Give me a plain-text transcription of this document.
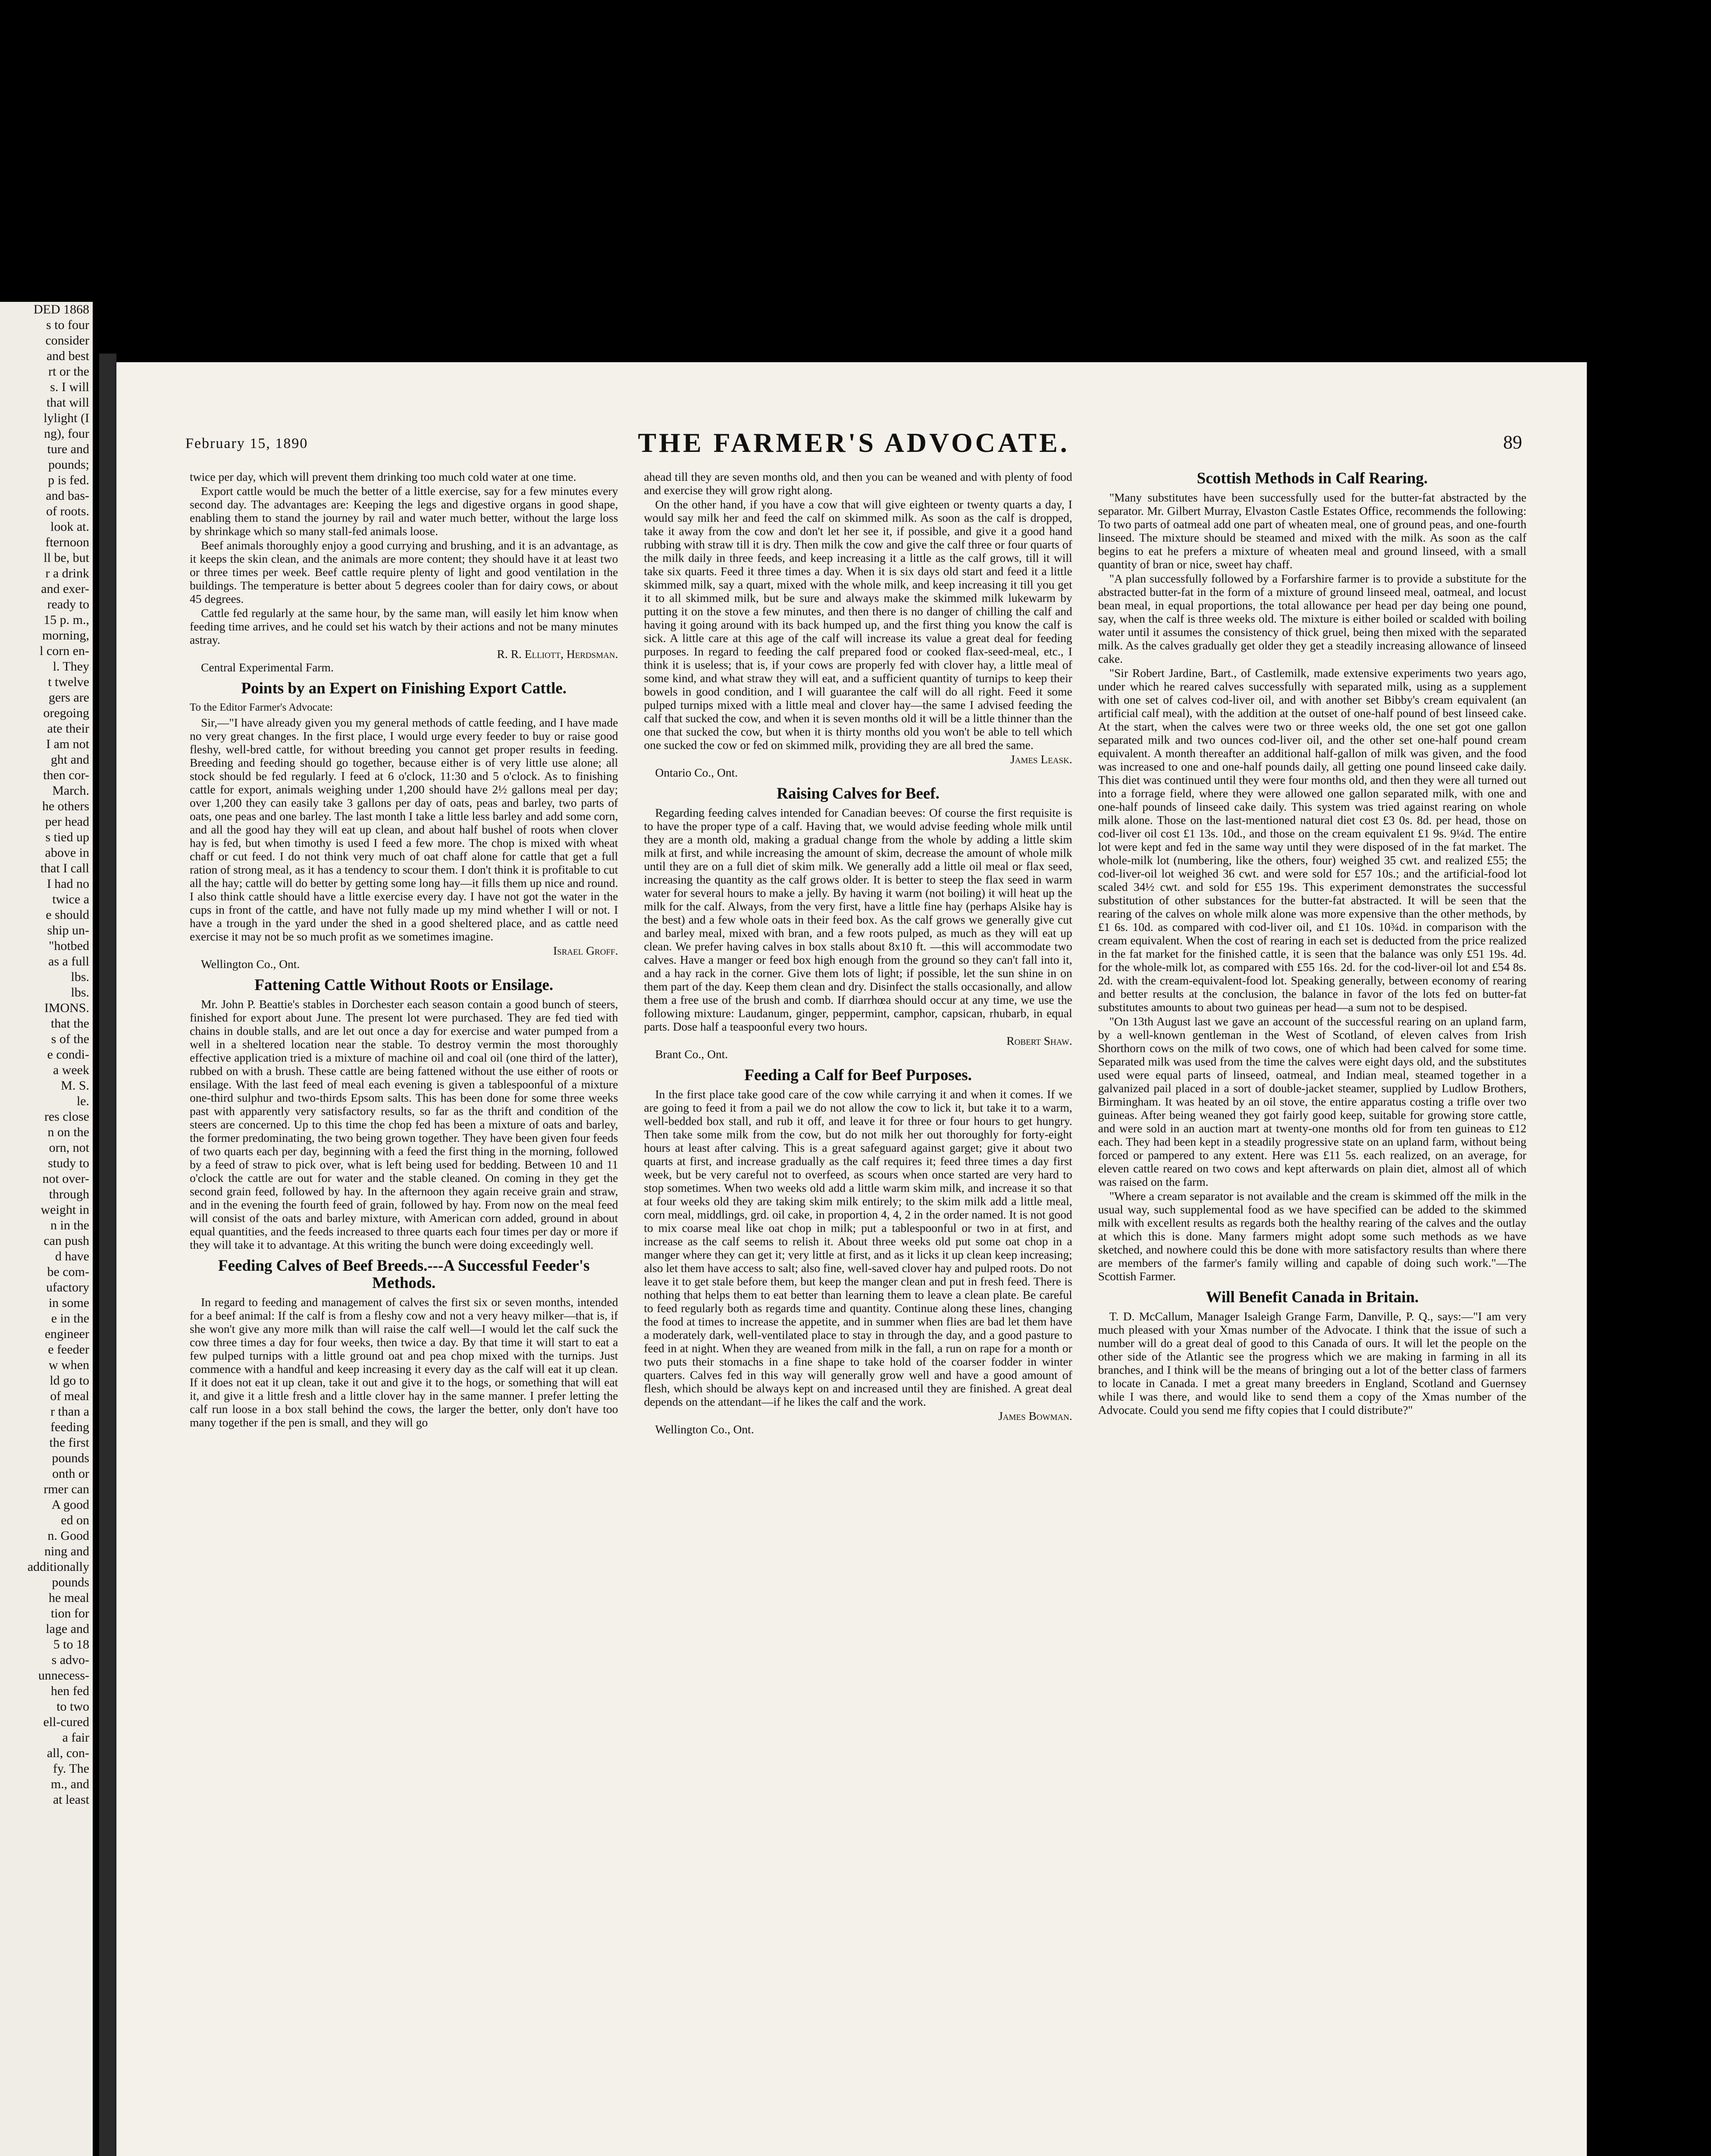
DED 1868
s to four
consider
and best
rt or the
s. I will
that will
lylight (I
ng), four
ture and
pounds;
p is fed.
and bas-
of roots.
look at.
fternoon
ll be, but
r a drink
and exer-
ready to
15 p. m.,
morning,
l corn en-
l. They
t twelve
gers are
oregoing
ate their
I am not
ght and
then cor-
March.
he others
per head
s tied up
above in
that I call
I had no
twice a
e should
ship un-
"hotbed
as a full
lbs.
lbs.
IMONS.
that the
s of the
e condi-
a week
M. S.
le.
res close
n on the
orn, not
study to
not over-
through
weight in
n in the
can push
d have
be com-
ufactory
in some
e in the
engineer
e feeder
w when
ld go to
of meal
r than a
feeding
the first
pounds
onth or
rmer can
A good
ed on
n. Good
ning and
additionally
pounds
he meal
tion for
lage and
5 to 18
s advo-
unnecess-
hen fed
to two
ell-cured
a fair
all, con-
fy. The
m., and
at least
February 15, 1890	THE FARMER'S ADVOCATE.	89

twice per day, which will prevent them drinking too much cold water at one time.

Export cattle would be much the better of a little exercise, say for a few minutes every second day. The advantages are: Keeping the legs and digestive organs in good shape, enabling them to stand the journey by rail and water much better, without the large loss by shrinkage which so many stall-fed animals loose.

Beef animals thoroughly enjoy a good currying and brushing, and it is an advantage, as it keeps the skin clean, and the animals are more content; they should have it at least two or three times per week. Beef cattle require plenty of light and good ventilation in the buildings. The temperature is better about 5 degrees cooler than for dairy cows, or about 45 degrees.

Cattle fed regularly at the same hour, by the same man, will easily let him know when feeding time arrives, and he could set his watch by their actions and not be many minutes astray.

R. R. Elliott, Herdsman.

Central Experimental Farm.

Points by an Expert on Finishing Export Cattle.

To the Editor Farmer's Advocate:

Sir,—"I have already given you my general methods of cattle feeding, and I have made no very great changes. In the first place, I would urge every feeder to buy or raise good fleshy, well-bred cattle, for without breeding you cannot get proper results in feeding. Breeding and feeding should go together, because either is of very little use alone; all stock should be fed regularly. I feed at 6 o'clock, 11:30 and 5 o'clock. As to finishing cattle for export, animals weighing under 1,200 should have 2½ gallons meal per day; over 1,200 they can easily take 3 gallons per day of oats, peas and barley, two parts of oats, one peas and one barley. The last month I take a little less barley and add some corn, and all the good hay they will eat up clean, and about half bushel of roots when clover hay is fed, but when timothy is used I feed a few more. The chop is mixed with wheat chaff or cut feed. I do not think very much of oat chaff alone for cattle that get a full ration of strong meal, as it has a tendency to scour them. I don't think it is profitable to cut all the hay; cattle will do better by getting some long hay—it fills them up nice and round. I also think cattle should have a little exercise every day. I have not got the water in the cups in front of the cattle, and have not fully made up my mind whether I will or not. I have a trough in the yard under the shed in a good sheltered place, and as cattle need exercise it may not be so much profit as we sometimes imagine.

Israel Groff.

Wellington Co., Ont.

Fattening Cattle Without Roots or Ensilage.

Mr. John P. Beattie's stables in Dorchester each season contain a good bunch of steers, finished for export about June. The present lot were purchased. They are fed tied with chains in double stalls, and are let out once a day for exercise and water pumped from a well in a sheltered location near the stable. To destroy vermin the most thoroughly effective application tried is a mixture of machine oil and coal oil (one third of the latter), rubbed on with a brush. These cattle are being fattened without the use either of roots or ensilage. With the last feed of meal each evening is given a tablespoonful of a mixture one-third sulphur and two-thirds Epsom salts. This has been done for some three weeks past with apparently very satisfactory results, so far as the thrift and condition of the steers are concerned. Up to this time the chop fed has been a mixture of oats and barley, the former predominating, the two being grown together. They have been given four feeds of two quarts each per day, beginning with a feed the first thing in the morning, followed by a feed of straw to pick over, what is left being used for bedding. Between 10 and 11 o'clock the cattle are out for water and the stable cleaned. On coming in they get the second grain feed, followed by hay. In the afternoon they again receive grain and straw, and in the evening the fourth feed of grain, followed by hay. From now on the meal feed will consist of the oats and barley mixture, with American corn added, ground in about equal quantities, and the feeds increased to three quarts each four times per day or more if they will take it to advantage. At this writing the bunch were doing exceedingly well.

Feeding Calves of Beef Breeds.---A Successful Feeder's Methods.

In regard to feeding and management of calves the first six or seven months, intended for a beef animal: If the calf is from a fleshy cow and not a very heavy milker—that is, if she won't give any more milk than will raise the calf well—I would let the calf suck the cow three times a day for four weeks, then twice a day. By that time it will start to eat a few pulped turnips with a little ground oat and pea chop mixed with the turnips. Just commence with a handful and keep increasing it every day as the calf will eat it up clean. If it does not eat it up clean, take it out and give it to the hogs, or something that will eat it, and give it a little fresh and a little clover hay in the same manner. I prefer letting the calf run loose in a box stall behind the cows, the larger the better, only don't have too many together if the pen is small, and they will go

ahead till they are seven months old, and then you can be weaned and with plenty of food and exercise they will grow right along.

On the other hand, if you have a cow that will give eighteen or twenty quarts a day, I would say milk her and feed the calf on skimmed milk. As soon as the calf is dropped, take it away from the cow and don't let her see it, if possible, and give it a good hand rubbing with straw till it is dry. Then milk the cow and give the calf three or four quarts of the milk daily in three feeds, and keep increasing it a little as the calf grows, till it will take six quarts. Feed it three times a day. When it is six days old start and feed it a little skimmed milk, say a quart, mixed with the whole milk, and keep increasing it till you get it to all skimmed milk, but be sure and always make the skimmed milk lukewarm by putting it on the stove a few minutes, and then there is no danger of chilling the calf and having it going around with its back humped up, and the first thing you know the calf is sick. A little care at this age of the calf will increase its value a great deal for feeding purposes. In regard to feeding the calf prepared food or cooked flax-seed-meal, etc., I think it is useless; that is, if your cows are properly fed with clover hay, a little meal of some kind, and what straw they will eat, and a sufficient quantity of turnips to keep their bowels in good condition, and I will guarantee the calf will do all right. Feed it some pulped turnips mixed with a little meal and clover hay—the same I advised feeding the calf that sucked the cow, and when it is seven months old it will be a little thinner than the one that sucked the cow, but when it is thirty months old you won't be able to tell which one sucked the cow or fed on skimmed milk, providing they are all bred the same.

James Leask.

Ontario Co., Ont.

Raising Calves for Beef.

Regarding feeding calves intended for Canadian beeves: Of course the first requisite is to have the proper type of a calf. Having that, we would advise feeding whole milk until they are a month old, making a gradual change from the whole by adding a little skim milk at first, and while increasing the amount of skim, decrease the amount of whole milk until they are on a full diet of skim milk. We generally add a little oil meal or flax seed, increasing the quantity as the calf grows older. It is better to steep the flax seed in warm water for several hours to make a jelly. By having it warm (not boiling) it will heat up the milk for the calf. Always, from the very first, have a little fine hay (perhaps Alsike hay is the best) and a few whole oats in their feed box. As the calf grows we generally give cut and barley meal, mixed with bran, and a few roots pulped, as much as they will eat up clean. We prefer having calves in box stalls about 8x10 ft. —this will accommodate two calves. Have a manger or feed box high enough from the ground so they can't fall into it, and a hay rack in the corner. Give them lots of light; if possible, let the sun shine in on them part of the day. Keep them clean and dry. Disinfect the stalls occasionally, and allow them a free use of the brush and comb. If diarrhœa should occur at any time, we use the following mixture: Laudanum, ginger, peppermint, camphor, capsican, rhubarb, in equal parts. Dose half a teaspoonful every two hours.

Robert Shaw.

Brant Co., Ont.

Feeding a Calf for Beef Purposes.

In the first place take good care of the cow while carrying it and when it comes. If we are going to feed it from a pail we do not allow the cow to lick it, but take it to a warm, well-bedded box stall, and rub it off, and leave it for three or four hours to get hungry. Then take some milk from the cow, but do not milk her out thoroughly for forty-eight hours at least after calving. This is a great safeguard against garget; give it about two quarts at first, and increase gradually as the calf requires it; feed three times a day first week, but be very careful not to overfeed, as scours when once started are very hard to stop sometimes. When two weeks old add a little warm skim milk, and increase it so that at four weeks old they are taking skim milk entirely; to the skim milk add a little meal, corn meal, middlings, grd. oil cake, in proportion 4, 4, 2 in the order named. It is not good to mix coarse meal like oat chop in milk; put a tablespoonful or two in at first, and increase as the calf seems to relish it. About three weeks old put some oat chop in a manger where they can get it; very little at first, and as it licks it up clean keep increasing; also let them have access to salt; also fine, well-saved clover hay and pulped roots. Do not leave it to get stale before them, but keep the manger clean and put in fresh feed. There is nothing that helps them to eat better than learning them to leave a clean plate. Be careful to feed regularly both as regards time and quantity. Continue along these lines, changing the food at times to increase the appetite, and in summer when flies are bad let them have a moderately dark, well-ventilated place to stay in through the day, and a good pasture to feed in at night. When they are weaned from milk in the fall, a run on rape for a month or two puts their stomachs in a fine shape to take hold of the coarser fodder in winter quarters. Calves fed in this way will generally grow well and have a good amount of flesh, which should be always kept on and increased until they are finished. A great deal depends on the attendant—if he likes the calf and the work.

James Bowman.

Wellington Co., Ont.

Scottish Methods in Calf Rearing.

"Many substitutes have been successfully used for the butter-fat abstracted by the separator. Mr. Gilbert Murray, Elvaston Castle Estates Office, recommends the following: To two parts of oatmeal add one part of wheaten meal, one of ground peas, and one-fourth linseed. The mixture should be steamed and mixed with the milk. As soon as the calf begins to eat he prefers a mixture of wheaten meal and ground linseed, with a small quantity of bran or nice, sweet hay chaff.

"A plan successfully followed by a Forfarshire farmer is to provide a substitute for the abstracted butter-fat in the form of a mixture of ground linseed meal, oatmeal, and locust bean meal, in equal proportions, the total allowance per head per day being one pound, say, when the calf is three weeks old. The mixture is either boiled or scalded with boiling water until it assumes the consistency of thick gruel, being then mixed with the separated milk. As the calves gradually get older they get a steadily increasing allowance of linseed cake.

"Sir Robert Jardine, Bart., of Castlemilk, made extensive experiments two years ago, under which he reared calves successfully with separated milk, using as a supplement with one set of calves cod-liver oil, and with another set Bibby's cream equivalent (an artificial calf meal), with the addition at the outset of one-half pound of best linseed cake. At the start, when the calves were two or three weeks old, the one set got one gallon separated milk and two ounces cod-liver oil, and the other set one-half pound cream equivalent. A month thereafter an additional half-gallon of milk was given, and the food was increased to one and one-half pounds daily, all getting one pound linseed cake daily. This diet was continued until they were four months old, and then they were all turned out into a forrage field, where they were allowed one gallon separated milk, with one and one-half pounds of linseed cake daily. This system was tried against rearing on whole milk alone. Those on the last-mentioned natural diet cost £3 0s. 8d. per head, those on cod-liver oil cost £1 13s. 10d., and those on the cream equivalent £1 9s. 9¼d. The entire lot were kept and fed in the same way until they were disposed of in the fat market. The whole-milk lot (numbering, like the others, four) weighed 35 cwt. and realized £55; the cod-liver-oil lot weighed 36 cwt. and were sold for £57 10s.; and the artificial-food lot scaled 34½ cwt. and sold for £55 19s. This experiment demonstrates the successful substitution of other substances for the butter-fat abstracted. It will be seen that the rearing of the calves on whole milk alone was more expensive than the other methods, by £1 6s. 10d. as compared with cod-liver oil, and £1 10s. 10¾d. in comparison with the cream equivalent. When the cost of rearing in each set is deducted from the price realized in the fat market for the finished cattle, it is seen that the balance was only £51 19s. 4d. for the whole-milk lot, as compared with £55 16s. 2d. for the cod-liver-oil lot and £54 8s. 2d. with the cream-equivalent-food lot. Speaking generally, between economy of rearing and better results at the conclusion, the balance in favor of the lots fed on butter-fat substitutes amounts to about two guineas per head—a sum not to be despised.

"On 13th August last we gave an account of the successful rearing on an upland farm, by a well-known gentleman in the West of Scotland, of eleven calves from Irish Shorthorn cows on the milk of two cows, one of which had been calved for some time. Separated milk was used from the time the calves were eight days old, and the substitutes used were equal parts of linseed, oatmeal, and Indian meal, steamed together in a galvanized pail placed in a sort of double-jacket steamer, supplied by Ludlow Brothers, Birmingham. It was heated by an oil stove, the entire apparatus costing a trifle over two guineas. After being weaned they got fairly good keep, suitable for growing store cattle, and were sold in an auction mart at twenty-one months old for from ten guineas to £12 each. They had been kept in a steadily progressive state on an upland farm, without being forced or pampered to any extent. Here was £11 5s. each realized, on an average, for eleven cattle reared on two cows and kept afterwards on plain diet, almost all of which was raised on the farm.

"Where a cream separator is not available and the cream is skimmed off the milk in the usual way, such supplemental food as we have specified can be added to the skimmed milk with excellent results as regards both the healthy rearing of the calves and the outlay at which this is done. Many farmers might adopt some such methods as we have sketched, and nowhere could this be done with more satisfactory results than where there are members of the farmer's family willing and capable of doing such work."—The Scottish Farmer.

Will Benefit Canada in Britain.

T. D. McCallum, Manager Isaleigh Grange Farm, Danville, P. Q., says:—"I am very much pleased with your Xmas number of the Advocate. I think that the issue of such a number will do a great deal of good to this Canada of ours. It will let the people on the other side of the Atlantic see the progress which we are making in farming in all its branches, and I think will be the means of bringing out a lot of the better class of farmers to locate in Canada. I met a great many breeders in England, Scotland and Guernsey while I was there, and would like to send them a copy of the Xmas number of the Advocate. Could you send me fifty copies that I could distribute?"
